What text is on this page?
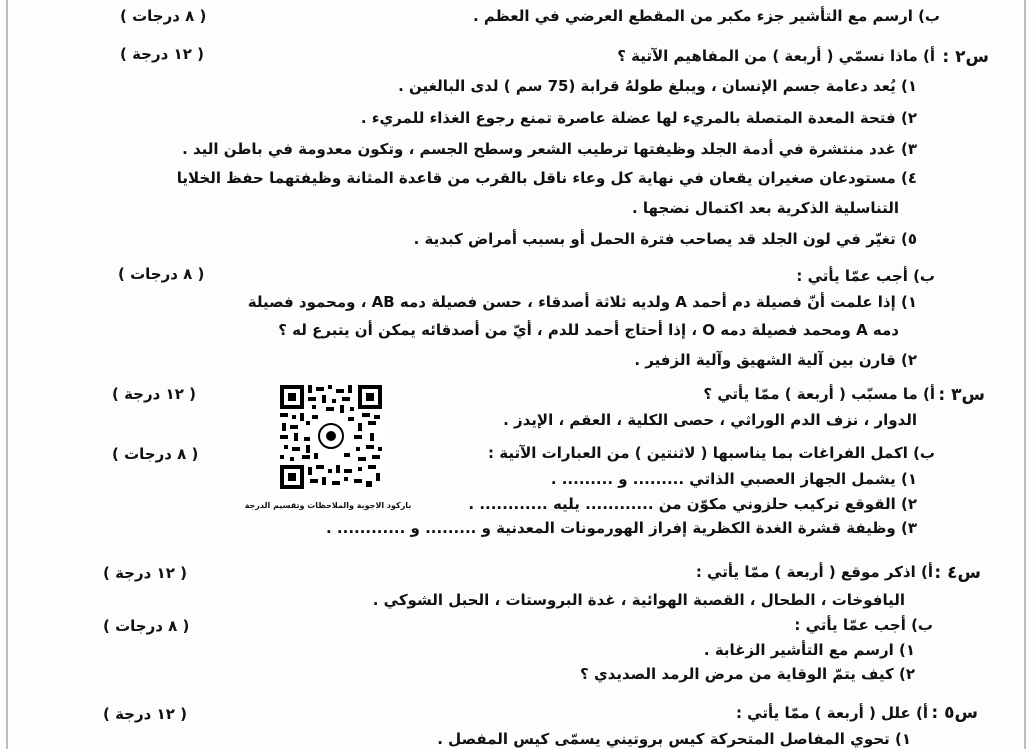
ب) ارسم مع التأشير جزء مكبر من المقطع العرضي في العظم .
( ٨ درجات )
س٢ :
أ) ماذا نسمّي ( أربعة ) من المفاهيم الآتية ؟
( ١٢ درجة )
١) يُعد دعامة جسم الإنسان ، ويبلغ طولهُ قرابة (75 سم ) لدى البالغين .
٢) فتحة المعدة المتصلة بالمريء لها عضلة عاصرة تمنع رجوع الغذاء للمريء .
٣) غدد منتشرة في أدمة الجلد وظيفتها ترطيب الشعر وسطح الجسم ، وتكون معدومة في باطن اليد .
٤) مستودعان صغيران يقعان في نهاية كل وعاء ناقل بالقرب من قاعدة المثانة وظيفتهما حفظ الخلايا
التناسلية الذكرية بعد اكتمال نضجها .
٥) تغيّر في لون الجلد قد يصاحب فترة الحمل أو بسبب أمراض كبدية .
ب) أجب عمّا يأتي :
( ٨ درجات )
١) إذا علمت أنّ فصيلة دم أحمد A ولديه ثلاثة أصدقاء ، حسن فصيلة دمه AB ، ومحمود فصيلة
دمه A ومحمد فصيلة دمه O ، إذا أحتاج أحمد للدم ، أيّ من أصدقائه يمكن أن يتبرع له ؟
٢) قارن بين آلية الشهيق وآلية الزفير .
س٣ :
أ) ما مسبّب ( أربعة ) ممّا يأتي ؟
( ١٢ درجة )
الدوار ، نزف الدم الوراثي ، حصى الكلية ، العقم ، الإيدز .
ب) اكمل الفراغات بما يناسبها ( لاثنتين ) من العبارات الآتية :
( ٨ درجات )
١) يشمل الجهاز العصبي الذاتي ......... و ......... .
٢) القوقع تركيب حلزوني مكوّن من ............ يليه ............ .
٣) وظيفة قشرة الغدة الكظرية إفراز الهورمونات المعدنية و ......... و ............ .
باركود الاجوبة والملاحظات وتقسيم الدرجة
س٤ :
أ) اذكر موقع ( أربعة ) ممّا يأتي :
( ١٢ درجة )
اليافوخات ، الطحال ، القصبة الهوائية ، غدة البروستات ، الحبل الشوكي .
ب) أجب عمّا يأتي :
( ٨ درجات )
١) ارسم مع التأشير الزغابة .
٢) كيف يتمّ الوقاية من مرض الرمد الصديدي ؟
س٥ :
أ) علل ( أربعة ) ممّا يأتي :
( ١٢ درجة )
١) تحوي المفاصل المتحركة كيس بروتيني يسمّى كيس المفصل .
